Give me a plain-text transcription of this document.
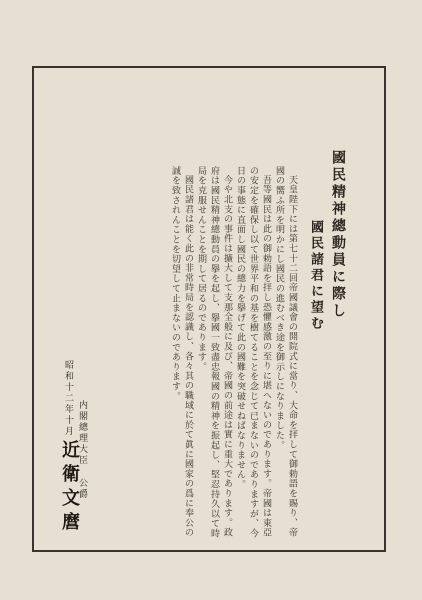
國民精神總動員に際し
國民諸君に望む

天皇陛下には第七十二回帝國議會の開院式に當り、大命を拝して御勅語を賜り、帝國の嚮ふ所を明かにし國民の進むべき途を御示しになりました。

吾等國民は此の御勅語を拝し恐懼感激の至りに堪へないのであります。帝國は東亞の安定を確保し以て世界平和の基を樹てることを念じて已まないのでありますが、今日の事態に直面し國民の總力を擧げて此の國難を突破せねばなりません。

今や北支の事件は擴大して支那全般に及び、帝國の前途は實に重大であります。政府は國民精神總動員の擧を起し、擧國一致盡忠報國の精神を振起し、堅忍持久以て時局を克服せんことを期して居るのであります。

國民諸君は能く此の非常時局を認識し、各々其の職域に於て眞に國家の爲に奉公の誠を致されんことを切望して止まないのであります。

昭和十二年十月
内閣總理大臣 公爵
近衛文麿
